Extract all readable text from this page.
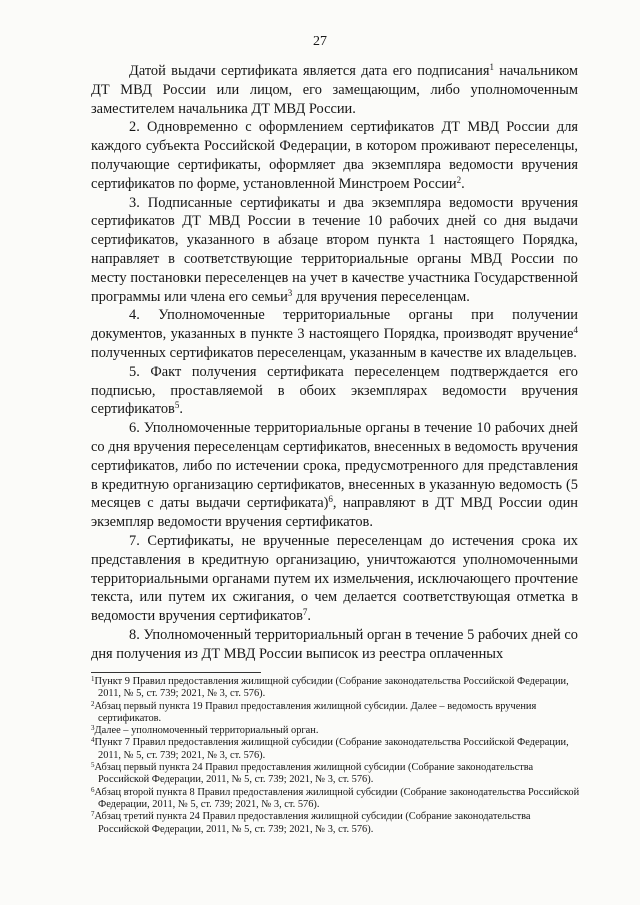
27

Датой выдачи сертификата является дата его подписания$^1$ начальником ДТ МВД России или лицом, его замещающим, либо уполномоченным заместителем начальника ДТ МВД России.

2. Одновременно с оформлением сертификатов ДТ МВД России для каждого субъекта Российской Федерации, в котором проживают переселенцы, получающие сертификаты, оформляет два экземпляра ведомости вручения сертификатов по форме, установленной Минстроем России$^2$.

3. Подписанные сертификаты и два экземпляра ведомости вручения сертификатов ДТ МВД России в течение 10 рабочих дней со дня выдачи сертификатов, указанного в абзаце втором пункта 1 настоящего Порядка, направляет в соответствующие территориальные органы МВД России по месту постановки переселенцев на учет в качестве участника Государственной программы или члена его семьи$^3$ для вручения переселенцам.

4. Уполномоченные территориальные органы при получении документов, указанных в пункте 3 настоящего Порядка, производят вручение$^4$ полученных сертификатов переселенцам, указанным в качестве их владельцев.

5. Факт получения сертификата переселенцем подтверждается его подписью, проставляемой в обоих экземплярах ведомости вручения сертификатов$^5$.

6. Уполномоченные территориальные органы в течение 10 рабочих дней со дня вручения переселенцам сертификатов, внесенных в ведомость вручения сертификатов, либо по истечении срока, предусмотренного для представления в кредитную организацию сертификатов, внесенных в указанную ведомость (5 месяцев с даты выдачи сертификата)$^6$, направляют в ДТ МВД России один экземпляр ведомости вручения сертификатов.

7. Сертификаты, не врученные переселенцам до истечения срока их представления в кредитную организацию, уничтожаются уполномоченными территориальными органами путем их измельчения, исключающего прочтение текста, или путем их сжигания, о чем делается соответствующая отметка в ведомости вручения сертификатов$^7$.

8. Уполномоченный территориальный орган в течение 5 рабочих дней со дня получения из ДТ МВД России выписок из реестра оплаченных

$^1$Пункт 9 Правил предоставления жилищной субсидии (Собрание законодательства Российской Федерации, 2011, № 5, ст. 739; 2021, № 3, ст. 576).
$^2$Абзац первый пункта 19 Правил предоставления жилищной субсидии. Далее – ведомость вручения сертификатов.
$^3$Далее – уполномоченный территориальный орган.
$^4$Пункт 7 Правил предоставления жилищной субсидии (Собрание законодательства Российской Федерации, 2011, № 5, ст. 739; 2021, № 3, ст. 576).
$^5$Абзац первый пункта 24 Правил предоставления жилищной субсидии (Собрание законодательства Российской Федерации, 2011, № 5, ст. 739; 2021, № 3, ст. 576).
$^6$Абзац второй пункта 8 Правил предоставления жилищной субсидии (Собрание законодательства Российской Федерации, 2011, № 5, ст. 739; 2021, № 3, ст. 576).
$^7$Абзац третий пункта 24 Правил предоставления жилищной субсидии (Собрание законодательства Российской Федерации, 2011, № 5, ст. 739; 2021, № 3, ст. 576).
